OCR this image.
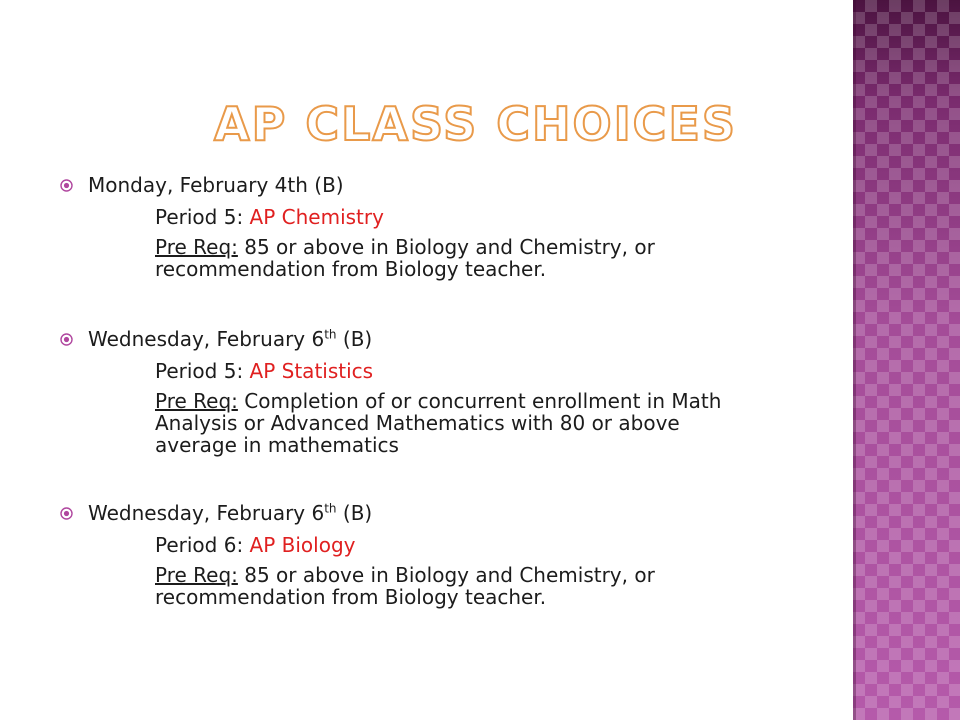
AP CLASS CHOICES
Monday, February 4th (B)
Period 5: AP Chemistry
Pre Req: 85 or above in Biology and Chemistry, or recommendation from Biology teacher.
Wednesday, February 6th (B)
Period 5: AP Statistics
Pre Req: Completion of or concurrent enrollment in Math Analysis or Advanced Mathematics with 80 or above average in mathematics
Wednesday, February 6th (B)
Period 6: AP Biology
Pre Req: 85 or above in Biology and Chemistry, or recommendation from Biology teacher.
